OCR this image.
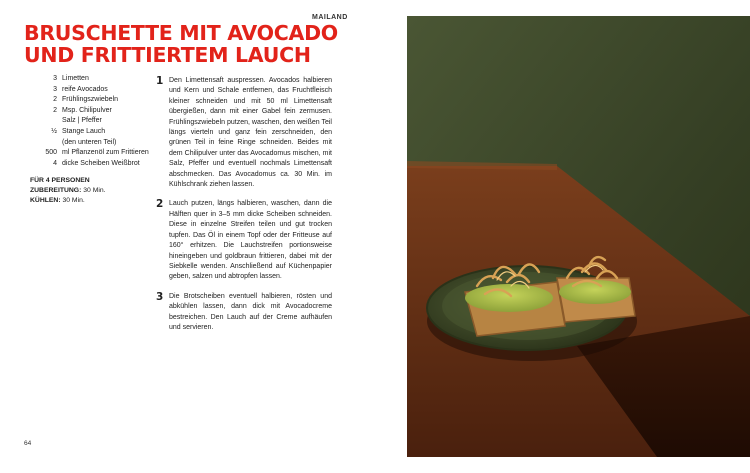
MAILAND
BRUSCHETTE MIT AVOCADO
UND FRITTIERTEM LAUCH
3 Limetten
3 reife Avocados
2 Frühlingszwiebeln
2 Msp. Chilipulver
Salz | Pfeffer
½ Stange Lauch
(den unteren Teil)
500 ml Pflanzenöl zum Frittieren
4 dicke Scheiben Weißbrot
FÜR 4 PERSONEN
ZUBEREITUNG: 30 Min.
KÜHLEN: 30 Min.
1 Den Limettensaft auspressen. Avocados halbieren und Kern und Schale entfernen, das Fruchtfleisch kleiner schneiden und mit 50 ml Limettensaft übergießen, dann mit einer Gabel fein zermusen. Frühlingszwiebeln putzen, waschen, den weißen Teil längs vierteln und ganz fein zerschneiden, den grünen Teil in feine Ringe schneiden. Beides mit dem Chilipulver unter das Avocadomus mischen, mit Salz, Pfeffer und eventuell nochmals Limettensaft abschmecken. Das Avocadomus ca. 30 Min. im Kühlschrank ziehen lassen.

2 Lauch putzen, längs halbieren, waschen, dann die Hälften quer in 3–5 mm dicke Scheiben schneiden. Diese in einzelne Streifen teilen und gut trocken tupfen. Das Öl in einem Topf oder der Fritteuse auf 160° erhitzen. Die Lauchstreifen portionsweise hineingeben und goldbraun frittieren, dabei mit der Siebkelle wenden. Anschließend auf Küchenpapier geben, salzen und abtropfen lassen.

3 Die Brotscheiben eventuell halbieren, rösten und abkühlen lassen, dann dick mit Avocadocreme bestreichen. Den Lauch auf der Creme aufhäufen und servieren.

64
